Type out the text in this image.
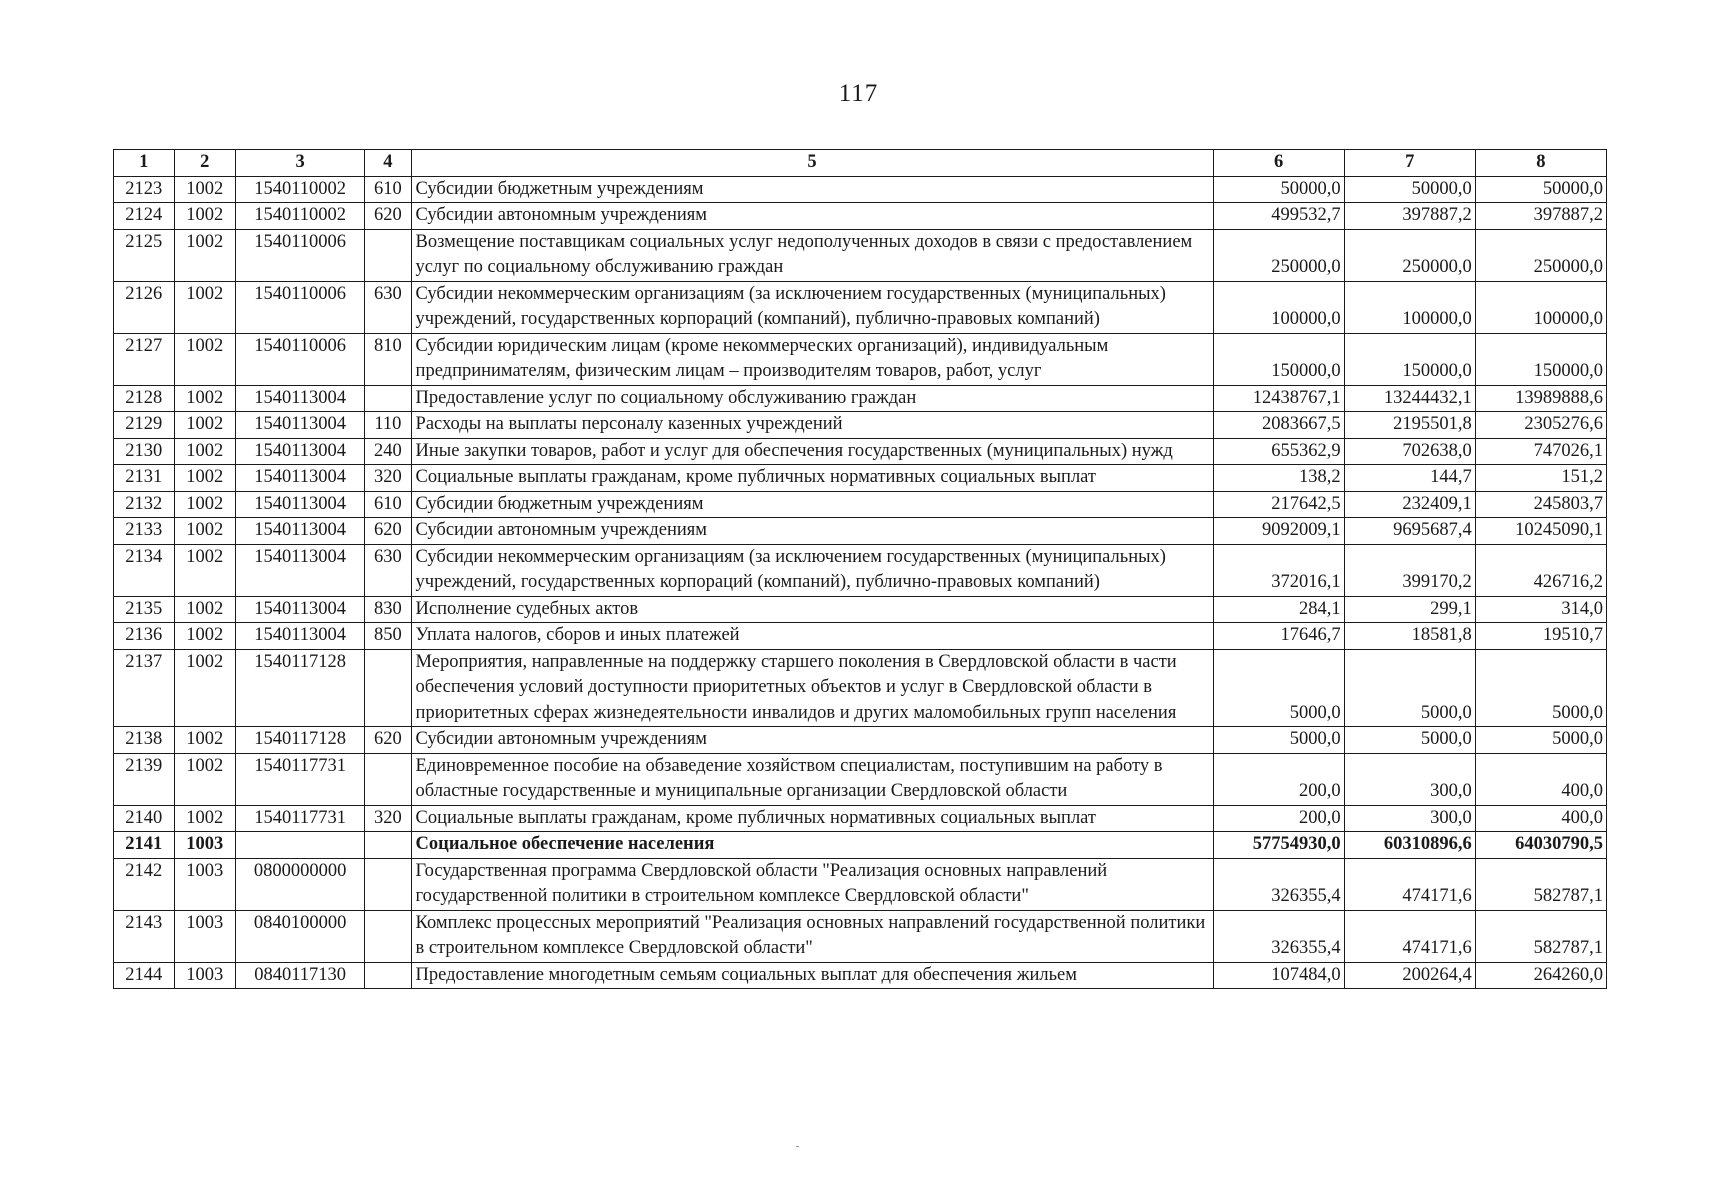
117
1	2	3	4	5	6	7	8
2123	1002	1540110002	610	Субсидии бюджетным учреждениям	50000,0	50000,0	50000,0
2124	1002	1540110002	620	Субсидии автономным учреждениям	499532,7	397887,2	397887,2
2125	1002	1540110006		Возмещение поставщикам социальных услуг недополученных доходов в связи с предоставлением услуг по социальному обслуживанию граждан	250000,0	250000,0	250000,0
2126	1002	1540110006	630	Субсидии некоммерческим организациям (за исключением государственных (муниципальных) учреждений, государственных корпораций (компаний), публично-правовых компаний)	100000,0	100000,0	100000,0
2127	1002	1540110006	810	Субсидии юридическим лицам (кроме некоммерческих организаций), индивидуальным предпринимателям, физическим лицам – производителям товаров, работ, услуг	150000,0	150000,0	150000,0
2128	1002	1540113004		Предоставление услуг по социальному обслуживанию граждан	12438767,1	13244432,1	13989888,6
2129	1002	1540113004	110	Расходы на выплаты персоналу казенных учреждений	2083667,5	2195501,8	2305276,6
2130	1002	1540113004	240	Иные закупки товаров, работ и услуг для обеспечения государственных (муниципальных) нужд	655362,9	702638,0	747026,1
2131	1002	1540113004	320	Социальные выплаты гражданам, кроме публичных нормативных социальных выплат	138,2	144,7	151,2
2132	1002	1540113004	610	Субсидии бюджетным учреждениям	217642,5	232409,1	245803,7
2133	1002	1540113004	620	Субсидии автономным учреждениям	9092009,1	9695687,4	10245090,1
2134	1002	1540113004	630	Субсидии некоммерческим организациям (за исключением государственных (муниципальных) учреждений, государственных корпораций (компаний), публично-правовых компаний)	372016,1	399170,2	426716,2
2135	1002	1540113004	830	Исполнение судебных актов	284,1	299,1	314,0
2136	1002	1540113004	850	Уплата налогов, сборов и иных платежей	17646,7	18581,8	19510,7
2137	1002	1540117128		Мероприятия, направленные на поддержку старшего поколения в Свердловской области в части обеспечения условий доступности приоритетных объектов и услуг в Свердловской области в приоритетных сферах жизнедеятельности инвалидов и других маломобильных групп населения	5000,0	5000,0	5000,0
2138	1002	1540117128	620	Субсидии автономным учреждениям	5000,0	5000,0	5000,0
2139	1002	1540117731		Единовременное пособие на обзаведение хозяйством специалистам, поступившим на работу в областные государственные и муниципальные организации Свердловской области	200,0	300,0	400,0
2140	1002	1540117731	320	Социальные выплаты гражданам, кроме публичных нормативных социальных выплат	200,0	300,0	400,0
2141	1003			Социальное обеспечение населения	57754930,0	60310896,6	64030790,5
2142	1003	0800000000		Государственная программа Свердловской области "Реализация основных направлений государственной политики в строительном комплексе Свердловской области"	326355,4	474171,6	582787,1
2143	1003	0840100000		Комплекс процессных мероприятий "Реализация основных направлений государственной политики в строительном комплексе Свердловской области"	326355,4	474171,6	582787,1
2144	1003	0840117130		Предоставление многодетным семьям социальных выплат для обеспечения жильем	107484,0	200264,4	264260,0
